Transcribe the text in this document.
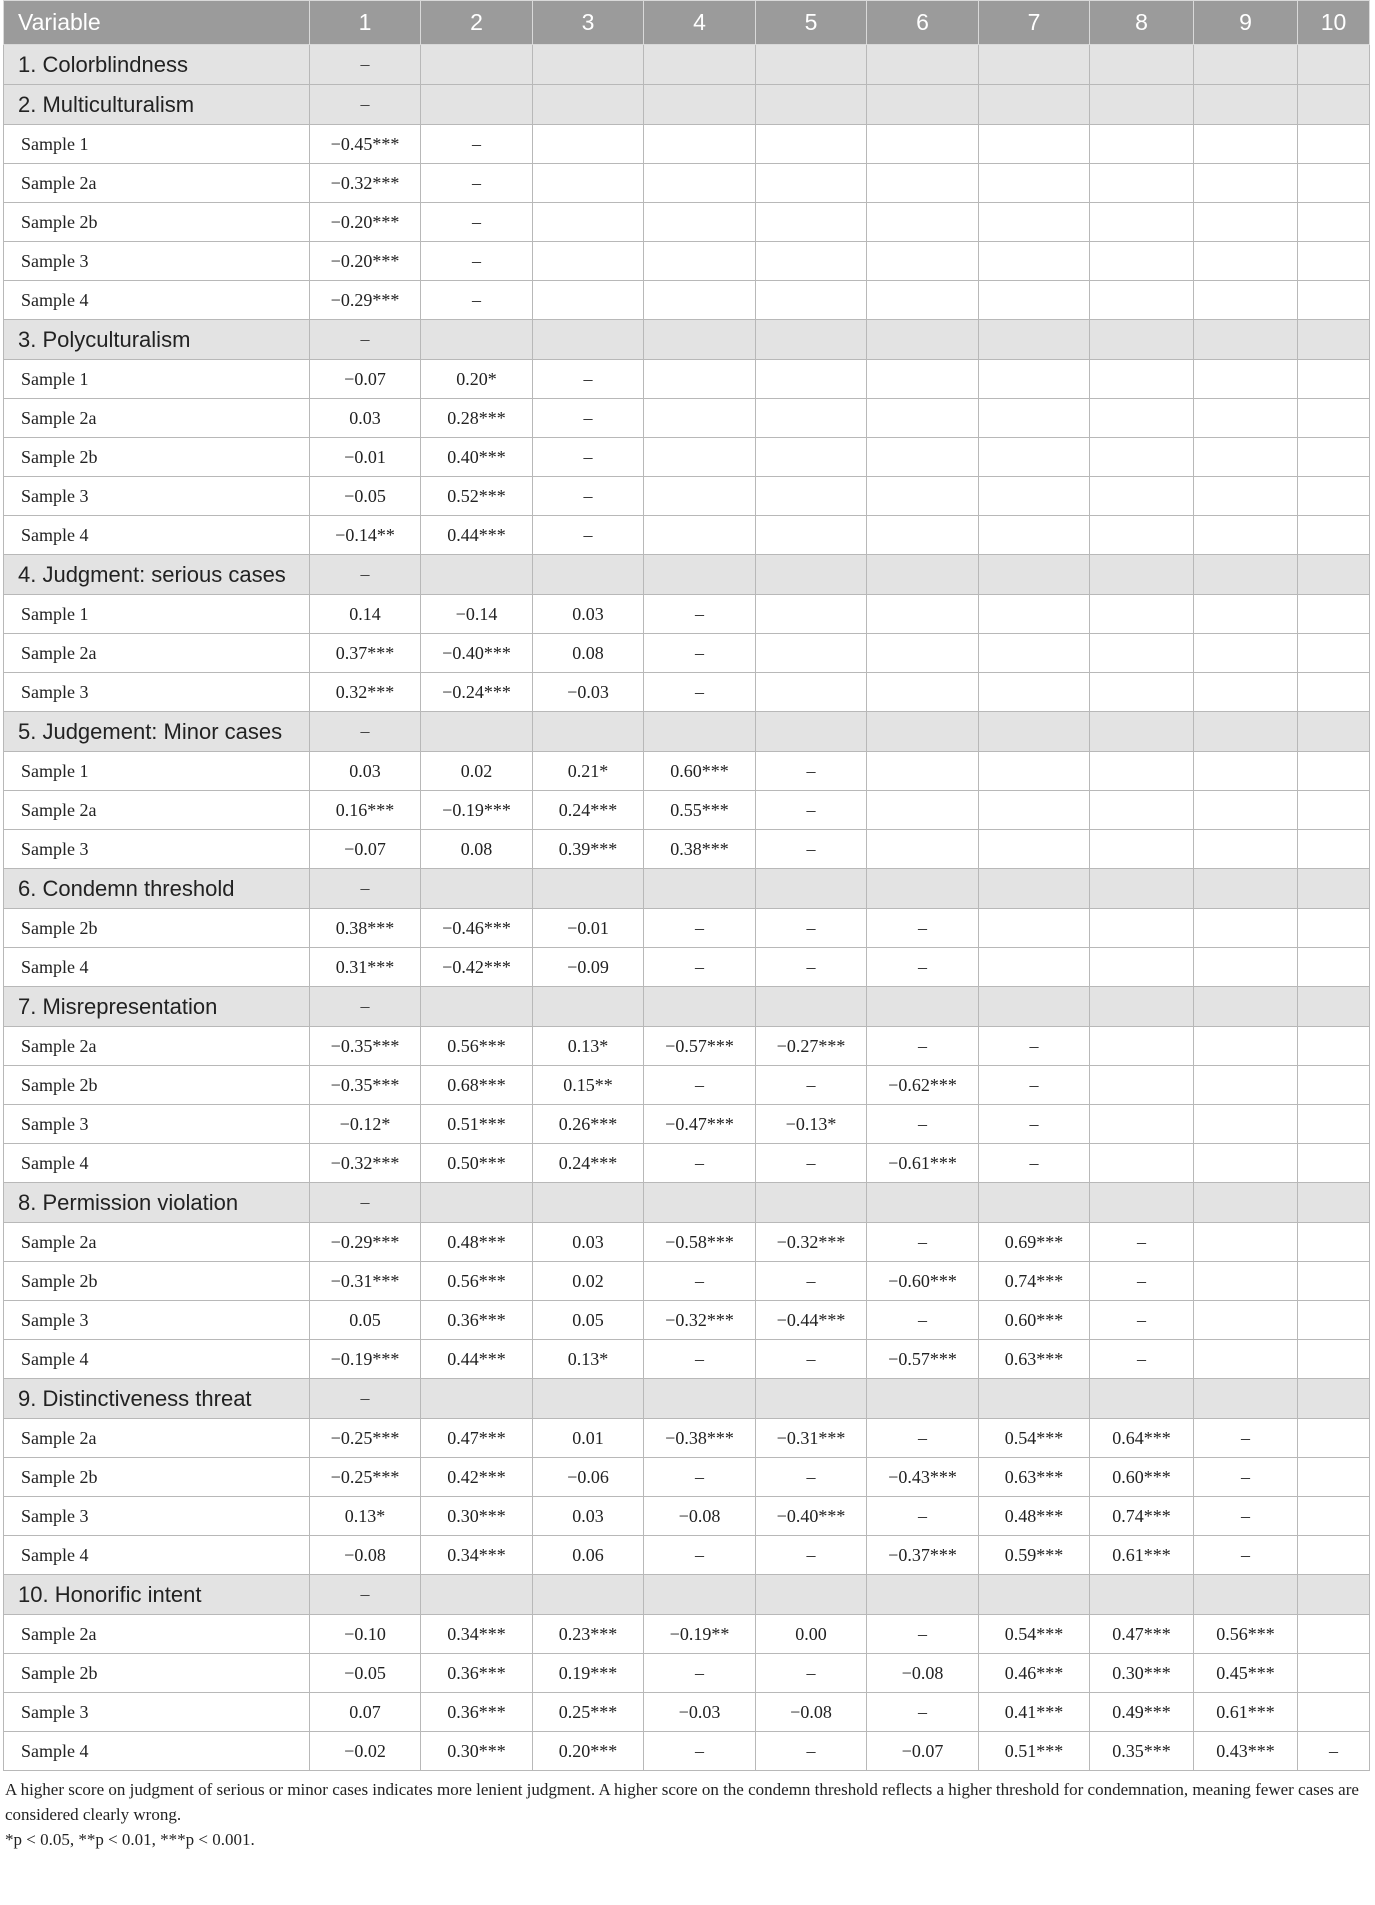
Variable	1	2	3	4	5	6	7	8	9	10
1. Colorblindness	–									
2. Multiculturalism	–									
Sample 1	−0.45***	–								
Sample 2a	−0.32***	–								
Sample 2b	−0.20***	–								
Sample 3	−0.20***	–								
Sample 4	−0.29***	–								
3. Polyculturalism	–									
Sample 1	−0.07	0.20*	–							
Sample 2a	0.03	0.28***	–							
Sample 2b	−0.01	0.40***	–							
Sample 3	−0.05	0.52***	–							
Sample 4	−0.14**	0.44***	–							
4. Judgment: serious cases	–									
Sample 1	0.14	−0.14	0.03	–						
Sample 2a	0.37***	−0.40***	0.08	–						
Sample 3	0.32***	−0.24***	−0.03	–						
5. Judgement: Minor cases	–									
Sample 1	0.03	0.02	0.21*	0.60***	–					
Sample 2a	0.16***	−0.19***	0.24***	0.55***	–					
Sample 3	−0.07	0.08	0.39***	0.38***	–					
6. Condemn threshold	–									
Sample 2b	0.38***	−0.46***	−0.01	–	–	–				
Sample 4	0.31***	−0.42***	−0.09	–	–	–				
7. Misrepresentation	–									
Sample 2a	−0.35***	0.56***	0.13*	−0.57***	−0.27***	–	–			
Sample 2b	−0.35***	0.68***	0.15**	–	–	−0.62***	–			
Sample 3	−0.12*	0.51***	0.26***	−0.47***	−0.13*	–	–			
Sample 4	−0.32***	0.50***	0.24***	–	–	−0.61***	–			
8. Permission violation	–									
Sample 2a	−0.29***	0.48***	0.03	−0.58***	−0.32***	–	0.69***	–		
Sample 2b	−0.31***	0.56***	0.02	–	–	−0.60***	0.74***	–		
Sample 3	0.05	0.36***	0.05	−0.32***	−0.44***	–	0.60***	–		
Sample 4	−0.19***	0.44***	0.13*	–	–	−0.57***	0.63***	–		
9. Distinctiveness threat	–									
Sample 2a	−0.25***	0.47***	0.01	−0.38***	−0.31***	–	0.54***	0.64***	–	
Sample 2b	−0.25***	0.42***	−0.06	–	–	−0.43***	0.63***	0.60***	–	
Sample 3	0.13*	0.30***	0.03	−0.08	−0.40***	–	0.48***	0.74***	–	
Sample 4	−0.08	0.34***	0.06	–	–	−0.37***	0.59***	0.61***	–	
10. Honorific intent	–									
Sample 2a	−0.10	0.34***	0.23***	−0.19**	0.00	–	0.54***	0.47***	0.56***	
Sample 2b	−0.05	0.36***	0.19***	–	–	−0.08	0.46***	0.30***	0.45***	
Sample 3	0.07	0.36***	0.25***	−0.03	−0.08	–	0.41***	0.49***	0.61***	
Sample 4	−0.02	0.30***	0.20***	–	–	−0.07	0.51***	0.35***	0.43***	–

A higher score on judgment of serious or minor cases indicates more lenient judgment. A higher score on the condemn threshold reflects a higher threshold for condemnation, meaning fewer cases are considered clearly wrong.

*p < 0.05, **p < 0.01, ***p < 0.001.
